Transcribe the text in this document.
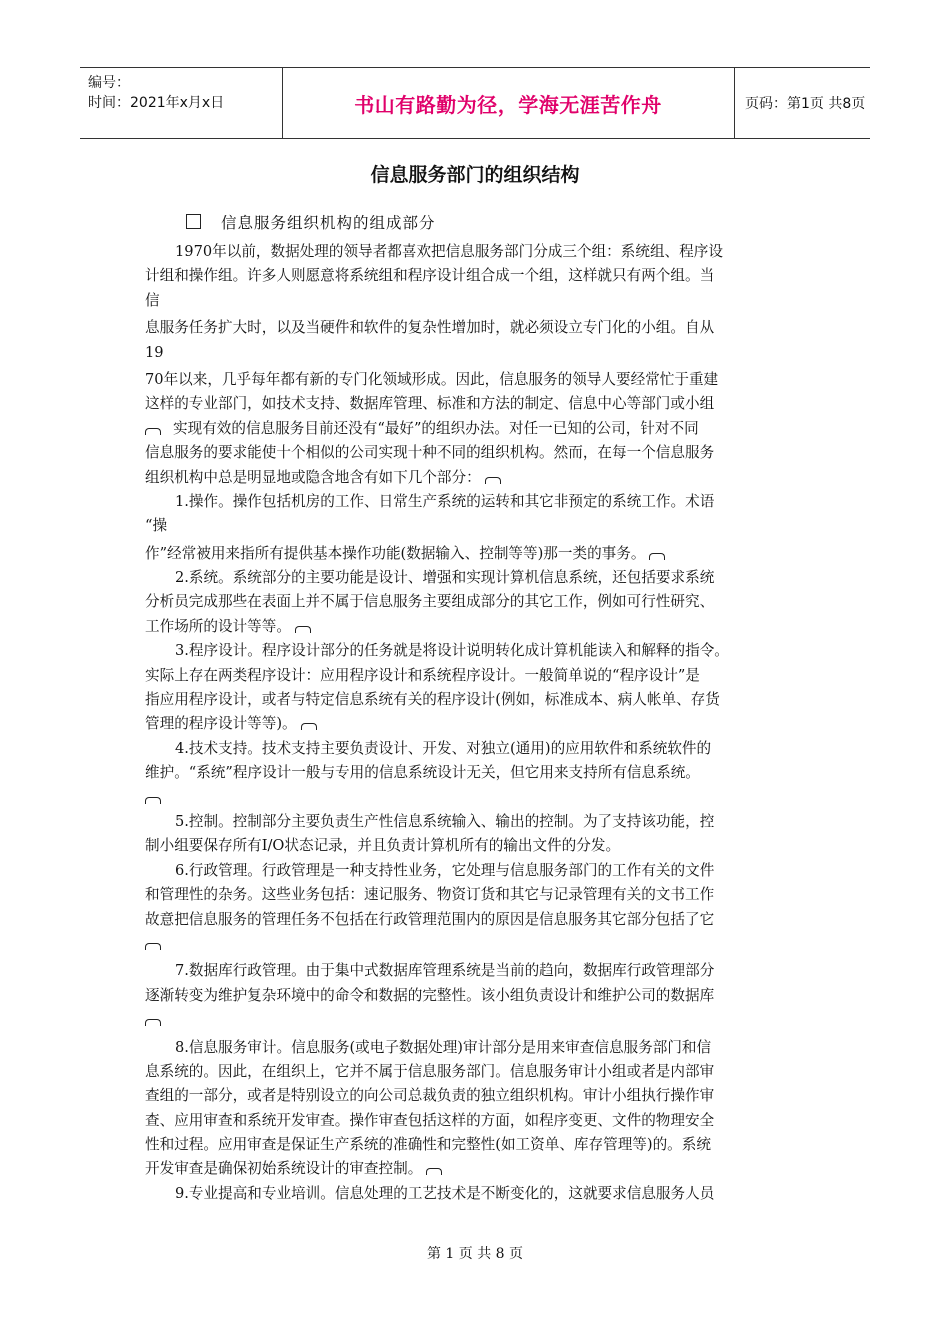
编号：
时间：2021年x月x日	书山有路勤为径，学海无涯苦作舟	页码：第1页 共8页
信息服务部门的组织结构
信息服务组织机构的组成部分
1970年以前，数据处理的领导者都喜欢把信息服务部门分成三个组：系统组、程序设
计组和操作组。许多人则愿意将系统组和程序设计组合成一个组，这样就只有两个组。当
信
息服务任务扩大时，以及当硬件和软件的复杂性增加时，就必须设立专门化的小组。自从
19
70年以来，几乎每年都有新的专门化领域形成。因此，信息服务的领导人要经常忙于重建
这样的专业部门，如技术支持、数据库管理、标准和方法的制定、信息中心等部门或小组
实现有效的信息服务目前还没有“最好”的组织办法。对任一已知的公司，针对不同
信息服务的要求能使十个相似的公司实现十种不同的组织机构。然而，在每一个信息服务
组织机构中总是明显地或隐含地含有如下几个部分：
1.操作。操作包括机房的工作、日常生产系统的运转和其它非预定的系统工作。术语
“操
作”经常被用来指所有提供基本操作功能(数据输入、控制等等)那一类的事务。
2.系统。系统部分的主要功能是设计、增强和实现计算机信息系统，还包括要求系统
分析员完成那些在表面上并不属于信息服务主要组成部分的其它工作，例如可行性研究、
工作场所的设计等等。
3.程序设计。程序设计部分的任务就是将设计说明转化成计算机能读入和解释的指令。
实际上存在两类程序设计：应用程序设计和系统程序设计。一般简单说的“程序设计”是
指应用程序设计，或者与特定信息系统有关的程序设计(例如，标准成本、病人帐单、存货
管理的程序设计等等)。
4.技术支持。技术支持主要负责设计、开发、对独立(通用)的应用软件和系统软件的
维护。“系统”程序设计一般与专用的信息系统设计无关，但它用来支持所有信息系统。
5.控制。控制部分主要负责生产性信息系统输入、输出的控制。为了支持该功能，控
制小组要保存所有I/O状态记录，并且负责计算机所有的输出文件的分发。
6.行政管理。行政管理是一种支持性业务，它处理与信息服务部门的工作有关的文件
和管理性的杂务。这些业务包括：速记服务、物资订货和其它与记录管理有关的文书工作
故意把信息服务的管理任务不包括在行政管理范围内的原因是信息服务其它部分包括了它
7.数据库行政管理。由于集中式数据库管理系统是当前的趋向，数据库行政管理部分
逐渐转变为维护复杂环境中的命令和数据的完整性。该小组负责设计和维护公司的数据库
8.信息服务审计。信息服务(或电子数据处理)审计部分是用来审查信息服务部门和信
息系统的。因此，在组织上，它并不属于信息服务部门。信息服务审计小组或者是内部审
查组的一部分，或者是特别设立的向公司总裁负责的独立组织机构。审计小组执行操作审
查、应用审查和系统开发审查。操作审查包括这样的方面，如程序变更、文件的物理安全
性和过程。应用审查是保证生产系统的准确性和完整性(如工资单、库存管理等)的。系统
开发审查是确保初始系统设计的审查控制。
9.专业提高和专业培训。信息处理的工艺技术是不断变化的，这就要求信息服务人员
第 1 页 共 8 页
